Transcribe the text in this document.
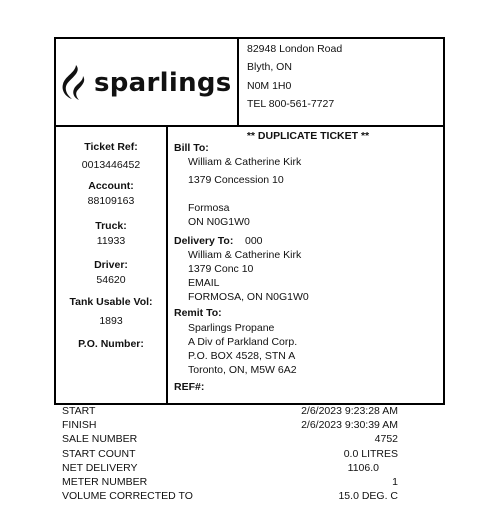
sparlings
82948 London Road
Blyth, ON
N0M 1H0
TEL 800-561-7727
Ticket Ref:
0013446452
Account:
88109163
Truck:
11933
Driver:
54620
Tank Usable Vol:
1893
P.O. Number:
** DUPLICATE TICKET **
Bill To:
William & Catherine Kirk
1379 Concession 10
Formosa
ON N0G1W0
Delivery To: 000
William & Catherine Kirk
1379 Conc 10
EMAIL
FORMOSA, ON N0G1W0
Remit To:
Sparlings Propane
A Div of Parkland Corp.
P.O. BOX 4528, STN A
Toronto, ON, M5W 6A2
REF#:
START	2/6/2023 9:23:28 AM
FINISH	2/6/2023 9:30:39 AM
SALE NUMBER	4752
START COUNT	0.0 LITRES
NET DELIVERY	1106.0
METER NUMBER	1
VOLUME CORRECTED TO	15.0 DEG. C
